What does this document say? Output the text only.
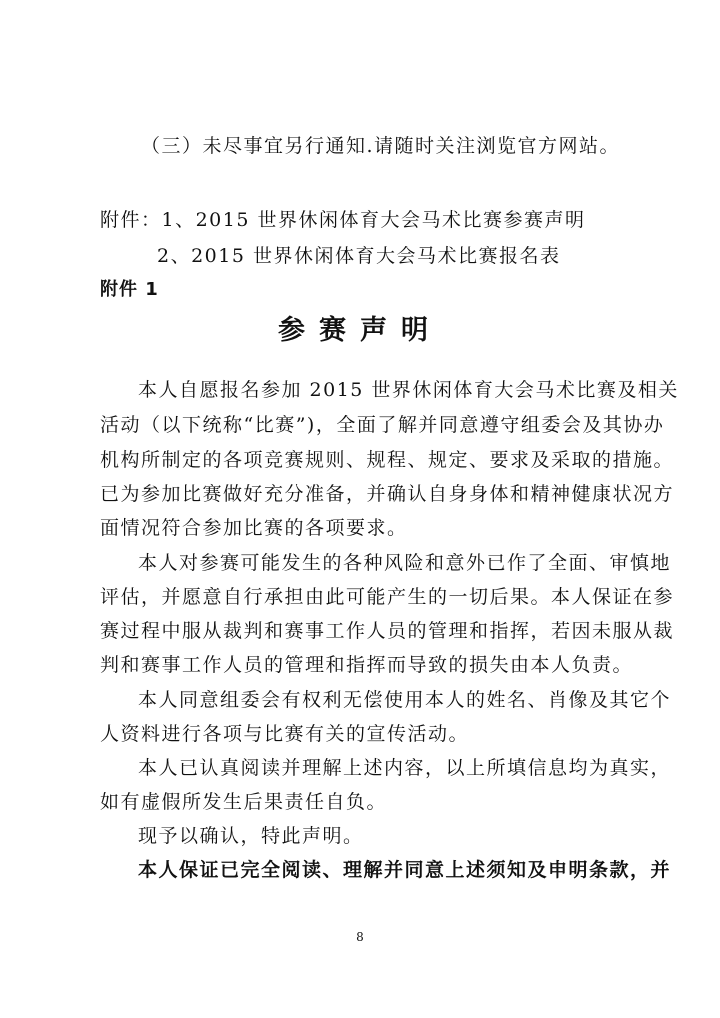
（三）未尽事宜另行通知.请随时关注浏览官方网站。
附件：1、2015 世界休闲体育大会马术比赛参赛声明
2、2015 世界休闲体育大会马术比赛报名表
附件 1
参赛声明
本人自愿报名参加 2015 世界休闲体育大会马术比赛及相关
活动（以下统称“比赛”)，全面了解并同意遵守组委会及其协办
机构所制定的各项竞赛规则、规程、规定、要求及采取的措施。
已为参加比赛做好充分准备，并确认自身身体和精神健康状况方
面情况符合参加比赛的各项要求。
本人对参赛可能发生的各种风险和意外已作了全面、审慎地
评估，并愿意自行承担由此可能产生的一切后果。本人保证在参
赛过程中服从裁判和赛事工作人员的管理和指挥，若因未服从裁
判和赛事工作人员的管理和指挥而导致的损失由本人负责。
本人同意组委会有权利无偿使用本人的姓名、肖像及其它个
人资料进行各项与比赛有关的宣传活动。
本人已认真阅读并理解上述内容，以上所填信息均为真实，
如有虚假所发生后果责任自负。
现予以确认，特此声明。
本人保证已完全阅读、理解并同意上述须知及申明条款，并
8
